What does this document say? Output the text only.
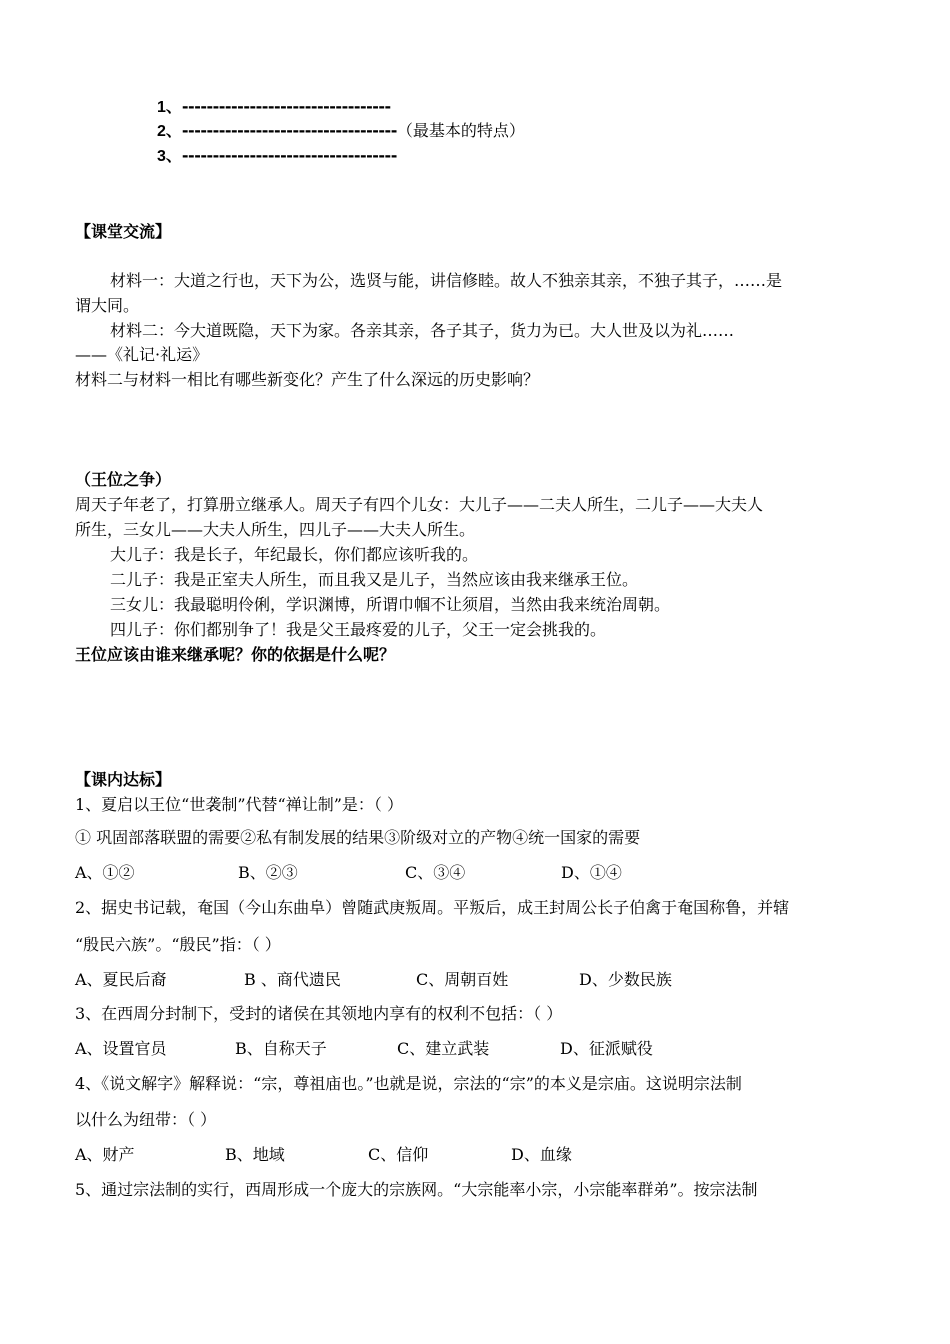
1、----------------------------------
2、-----------------------------------（最基本的特点）
3、-----------------------------------
【课堂交流】
材料一：大道之行也，天下为公，选贤与能，讲信修睦。故人不独亲其亲，不独子其子，……是
谓大同。
材料二：今大道既隐，天下为家。各亲其亲，各子其子，货力为已。大人世及以为礼……
——《礼记·礼运》
材料二与材料一相比有哪些新变化？产生了什么深远的历史影响？
（王位之争）
周天子年老了，打算册立继承人。周天子有四个儿女：大儿子——二夫人所生，二儿子——大夫人
所生，三女儿——大夫人所生，四儿子——大夫人所生。
大儿子：我是长子，年纪最长，你们都应该听我的。
二儿子：我是正室夫人所生，而且我又是儿子，当然应该由我来继承王位。
三女儿：我最聪明伶俐，学识渊博，所谓巾帼不让须眉，当然由我来统治周朝。
四儿子：你们都别争了！我是父王最疼爱的儿子，父王一定会挑我的。
王位应该由谁来继承呢？你的依据是什么呢？
【课内达标】
1、夏启以王位“世袭制”代替“禅让制”是：（ ）
① 巩固部落联盟的需要②私有制发展的结果③阶级对立的产物④统一国家的需要
A、①②	B、②③	C、③④	D、①④
2、据史书记载，奄国（今山东曲阜）曾随武庚叛周。平叛后，成王封周公长子伯禽于奄国称鲁，并辖
“殷民六族”。“殷民”指：（ ）
A、夏民后裔	B 、商代遗民	C、周朝百姓	D、少数民族
3、在西周分封制下，受封的诸侯在其领地内享有的权利不包括：（ ）
A、设置官员	B、自称天子	C、建立武装	D、征派赋役
4、《说文解字》解释说：“宗，尊祖庙也。”也就是说，宗法的“宗”的本义是宗庙。这说明宗法制
以什么为纽带：（ ）
A、财产	B、地域	C、信仰	D、血缘
5、通过宗法制的实行，西周形成一个庞大的宗族网。“大宗能率小宗，小宗能率群弟”。按宗法制
